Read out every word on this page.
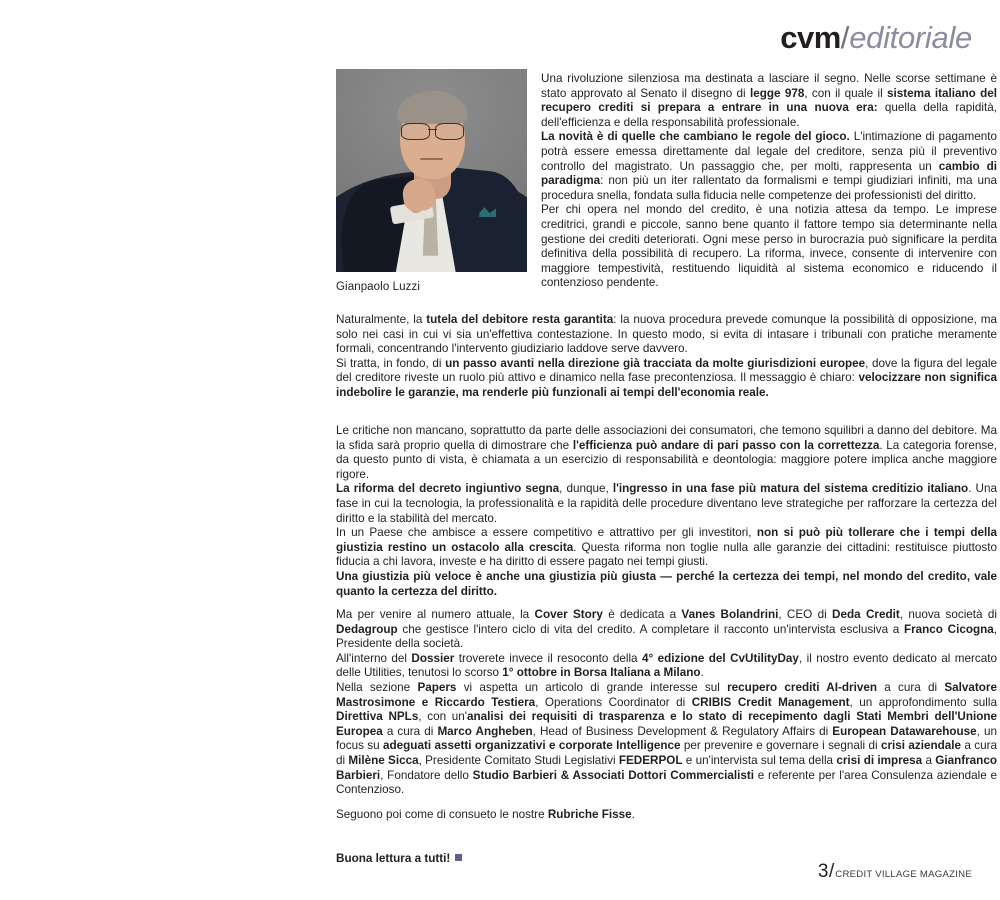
cvm/editoriale
Gianpaolo Luzzi

Una rivoluzione silenziosa ma destinata a lasciare il segno. Nelle scorse settimane è stato approvato al Senato il disegno di legge 978, con il quale il sistema italiano del recupero crediti si prepara a entrare in una nuova era: quella della rapidità, dell'efficienza e della responsabilità professionale.

La novità è di quelle che cambiano le regole del gioco. L'intimazione di pagamento potrà essere emessa direttamente dal legale del creditore, senza più il preventivo controllo del magistrato. Un passaggio che, per molti, rappresenta un cambio di paradigma: non più un iter rallentato da formalismi e tempi giudiziari infiniti, ma una procedura snella, fondata sulla fiducia nelle competenze dei professionisti del diritto.

Per chi opera nel mondo del credito, è una notizia attesa da tempo. Le imprese creditrici, grandi e piccole, sanno bene quanto il fattore tempo sia determinante nella gestione dei crediti deteriorati. Ogni mese perso in burocrazia può significare la perdita definitiva della possibilità di recupero. La riforma, invece, consente di intervenire con maggiore tempestività, restituendo liquidità al sistema economico e riducendo il contenzioso pendente.

Naturalmente, la tutela del debitore resta garantita: la nuova procedura prevede comunque la possibilità di opposizione, ma solo nei casi in cui vi sia un'effettiva contestazione. In questo modo, si evita di intasare i tribunali con pratiche meramente formali, concentrando l'intervento giudiziario laddove serve davvero.

Si tratta, in fondo, di un passo avanti nella direzione già tracciata da molte giurisdizioni europee, dove la figura del legale del creditore riveste un ruolo più attivo e dinamico nella fase precontenziosa. Il messaggio è chiaro: velocizzare non significa indebolire le garanzie, ma renderle più funzionali ai tempi dell'economia reale.

Le critiche non mancano, soprattutto da parte delle associazioni dei consumatori, che temono squilibri a danno del debitore. Ma la sfida sarà proprio quella di dimostrare che l'efficienza può andare di pari passo con la correttezza. La categoria forense, da questo punto di vista, è chiamata a un esercizio di responsabilità e deontologia: maggiore potere implica anche maggiore rigore.

La riforma del decreto ingiuntivo segna, dunque, l'ingresso in una fase più matura del sistema creditizio italiano. Una fase in cui la tecnologia, la professionalità e la rapidità delle procedure diventano leve strategiche per rafforzare la certezza del diritto e la stabilità del mercato.

In un Paese che ambisce a essere competitivo e attrattivo per gli investitori, non si può più tollerare che i tempi della giustizia restino un ostacolo alla crescita. Questa riforma non toglie nulla alle garanzie dei cittadini: restituisce piuttosto fiducia a chi lavora, investe e ha diritto di essere pagato nei tempi giusti.

Una giustizia più veloce è anche una giustizia più giusta — perché la certezza dei tempi, nel mondo del credito, vale quanto la certezza del diritto.

Ma per venire al numero attuale, la Cover Story è dedicata a Vanes Bolandrini, CEO di Deda Credit, nuova società di Dedagroup che gestisce l'intero ciclo di vita del credito. A completare il racconto un'intervista esclusiva a Franco Cicogna, Presidente della società.

All'interno del Dossier troverete invece il resoconto della 4° edizione del CvUtilityDay, il nostro evento dedicato al mercato delle Utilities, tenutosi lo scorso 1° ottobre in Borsa Italiana a Milano.

Nella sezione Papers vi aspetta un articolo di grande interesse sul recupero crediti AI-driven a cura di Salvatore Mastrosimone e Riccardo Testiera, Operations Coordinator di CRIBIS Credit Management, un approfondimento sulla Direttiva NPLs, con un'analisi dei requisiti di trasparenza e lo stato di recepimento dagli Stati Membri dell'Unione Europea a cura di Marco Angheben, Head of Business Development & Regulatory Affairs di European Datawarehouse, un focus su adeguati assetti organizzativi e corporate Intelligence per prevenire e governare i segnali di crisi aziendale a cura di Milène Sicca, Presidente Comitato Studi Legislativi FEDERPOL e un'intervista sul tema della crisi di impresa a Gianfranco Barbieri, Fondatore dello Studio Barbieri & Associati Dottori Commercialisti e referente per l'area Consulenza aziendale e Contenzioso.

Seguono poi come di consueto le nostre Rubriche Fisse.

Buona lettura a tutti!

3 / CREDIT VILLAGE MAGAZINE
